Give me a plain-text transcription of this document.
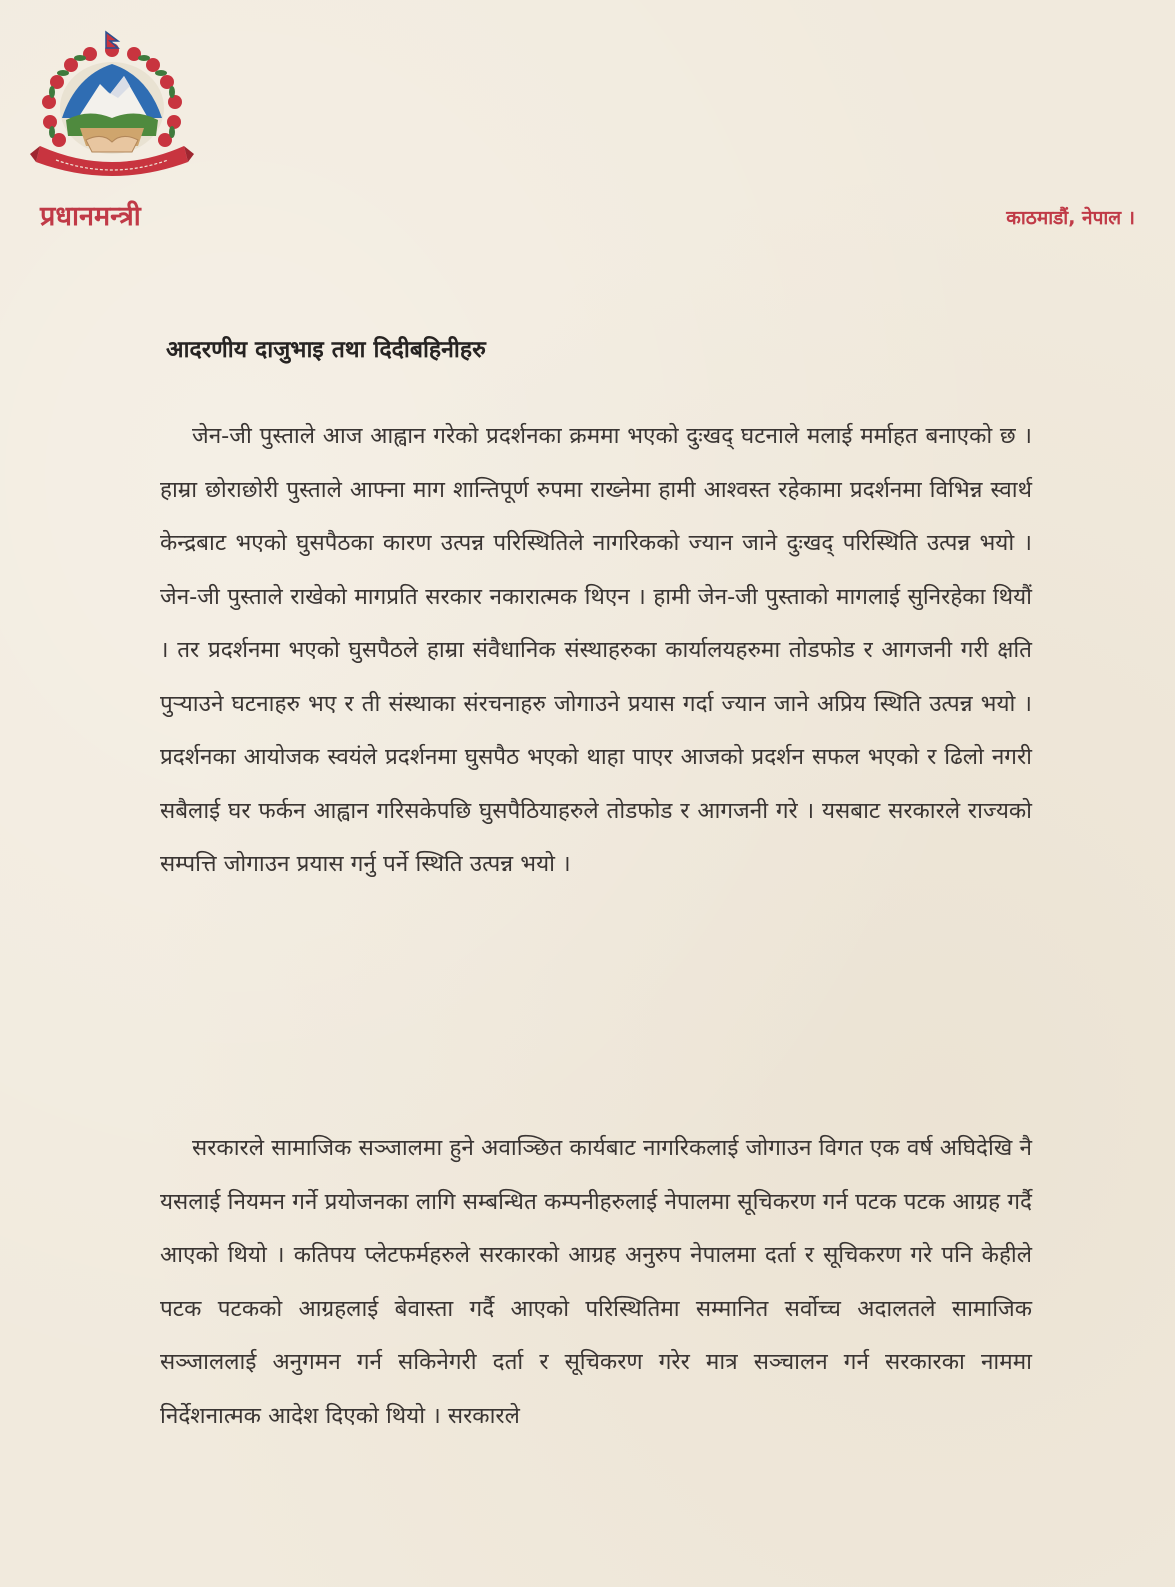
प्रधानमन्त्री	काठमाडौं, नेपाल ।
आदरणीय दाजुभाइ तथा दिदीबहिनीहरु

जेन-जी पुस्ताले आज आह्वान गरेको प्रदर्शनका क्रममा भएको दुःखद् घटनाले मलाई मर्माहत बनाएको छ । हाम्रा छोराछोरी पुस्ताले आफ्ना माग शान्तिपूर्ण रुपमा राख्नेमा हामी आश्वस्त रहेकामा प्रदर्शनमा विभिन्न स्वार्थ केन्द्रबाट भएको घुसपैठका कारण उत्पन्न परिस्थितिले नागरिकको ज्यान जाने दुःखद् परिस्थिति उत्पन्न भयो । जेन-जी पुस्ताले राखेको मागप्रति सरकार नकारात्मक थिएन । हामी जेन-जी पुस्ताको मागलाई सुनिरहेका थियौं । तर प्रदर्शनमा भएको घुसपैठले हाम्रा संवैधानिक संस्थाहरुका कार्यालयहरुमा तोडफोड र आगजनी गरी क्षति पुऱ्याउने घटनाहरु भए र ती संस्थाका संरचनाहरु जोगाउने प्रयास गर्दा ज्यान जाने अप्रिय स्थिति उत्पन्न भयो । प्रदर्शनका आयोजक स्वयंले प्रदर्शनमा घुसपैठ भएको थाहा पाएर आजको प्रदर्शन सफल भएको र ढिलो नगरी सबैलाई घर फर्कन आह्वान गरिसकेपछि घुसपैठियाहरुले तोडफोड र आगजनी गरे । यसबाट सरकारले राज्यको सम्पत्ति जोगाउन प्रयास गर्नु पर्ने स्थिति उत्पन्न भयो ।

सरकारले सामाजिक सञ्जालमा हुने अवाञ्छित कार्यबाट नागरिकलाई जोगाउन विगत एक वर्ष अघिदेखि नै यसलाई नियमन गर्ने प्रयोजनका लागि सम्बन्धित कम्पनीहरुलाई नेपालमा सूचिकरण गर्न पटक पटक आग्रह गर्दै आएको थियो । कतिपय प्लेटफर्महरुले सरकारको आग्रह अनुरुप नेपालमा दर्ता र सूचिकरण गरे पनि केहीले पटक पटकको आग्रहलाई बेवास्ता गर्दै आएको परिस्थितिमा सम्मानित सर्वोच्च अदालतले सामाजिक सञ्जाललाई अनुगमन गर्न सकिनेगरी दर्ता र सूचिकरण गरेर मात्र सञ्चालन गर्न सरकारका नाममा निर्देशनात्मक आदेश दिएको थियो । सरकारले
